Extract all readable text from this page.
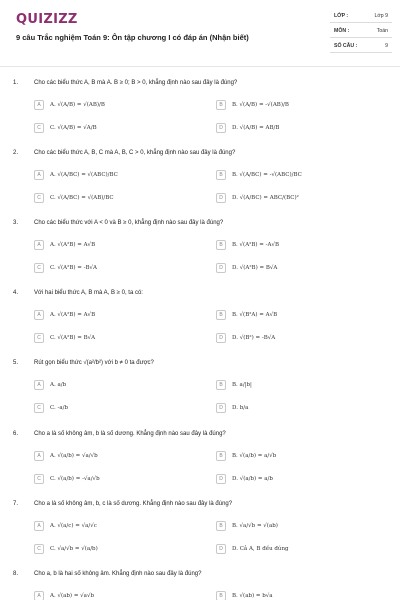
QUIZIZZ
9 câu Trắc nghiệm Toán 9: Ôn tập chương I có đáp án (Nhận biết)
LỚP :	Lớp 9
MÔN :	Toán
SỐ CÂU :	9
1.	Cho các biểu thức A, B mà A. B ≥ 0; B > 0, khẳng định nào sau đây là đúng?
A	A. √(A/B) = √(AB)/B	B	B. √(A/B) = -√(AB)/B
C	C. √(A/B) = √A/B	D	D. √(A/B) = AB/B
2.	Cho các biểu thức A, B, C mà A, B, C > 0, khẳng định nào sau đây là đúng?
A	A. √(A/BC) = √(ABC)/BC	B	B. √(A/BC) = -√(ABC)/BC
C	C. √(A/BC) = √(AB)/BC	D	D. √(A/BC) = ABC/(BC)²
3.	Cho các biểu thức với A < 0 và B ≥ 0, khẳng định nào sau đây là đúng?
A	A. √(A²B) = A√B	B	B. √(A²B) = -A√B
C	C. √(A²B) = -B√A	D	D. √(A²B) = B√A
4.	Với hai biểu thức A, B mà A, B ≥ 0, ta có:
A	A. √(A²B) = A√B	B	B. √(B²A) = A√B
C	C. √(A²B) = B√A	D	D. √(B²) = -B√A
5.	Rút gọn biểu thức √(a²/b²) với b ≠ 0 ta được?
A	A. a/b	B	B. a/|b|
C	C. -a/b	D	D. b/a
6.	Cho a là số không âm, b là số dương. Khẳng định nào sau đây là đúng?
A	A. √(a/b) = √a/√b	B	B. √(a/b) = a/√b
C	C. √(a/b) = -√a/√b	D	D. √(a/b) = a/b
7.	Cho a là số không âm, b, c là số dương. Khẳng định nào sau đây là đúng?
A	A. √(a/c) = √a/√c	B	B. √a/√b = √(ab)
C	C. √a/√b = √(a/b)	D	D. Cả A, B đều đúng
8.	Cho a, b là hai số không âm. Khẳng định nào sau đây là đúng?
A	A. √(ab) = √a√b	B	B. √(ab) = b√a
